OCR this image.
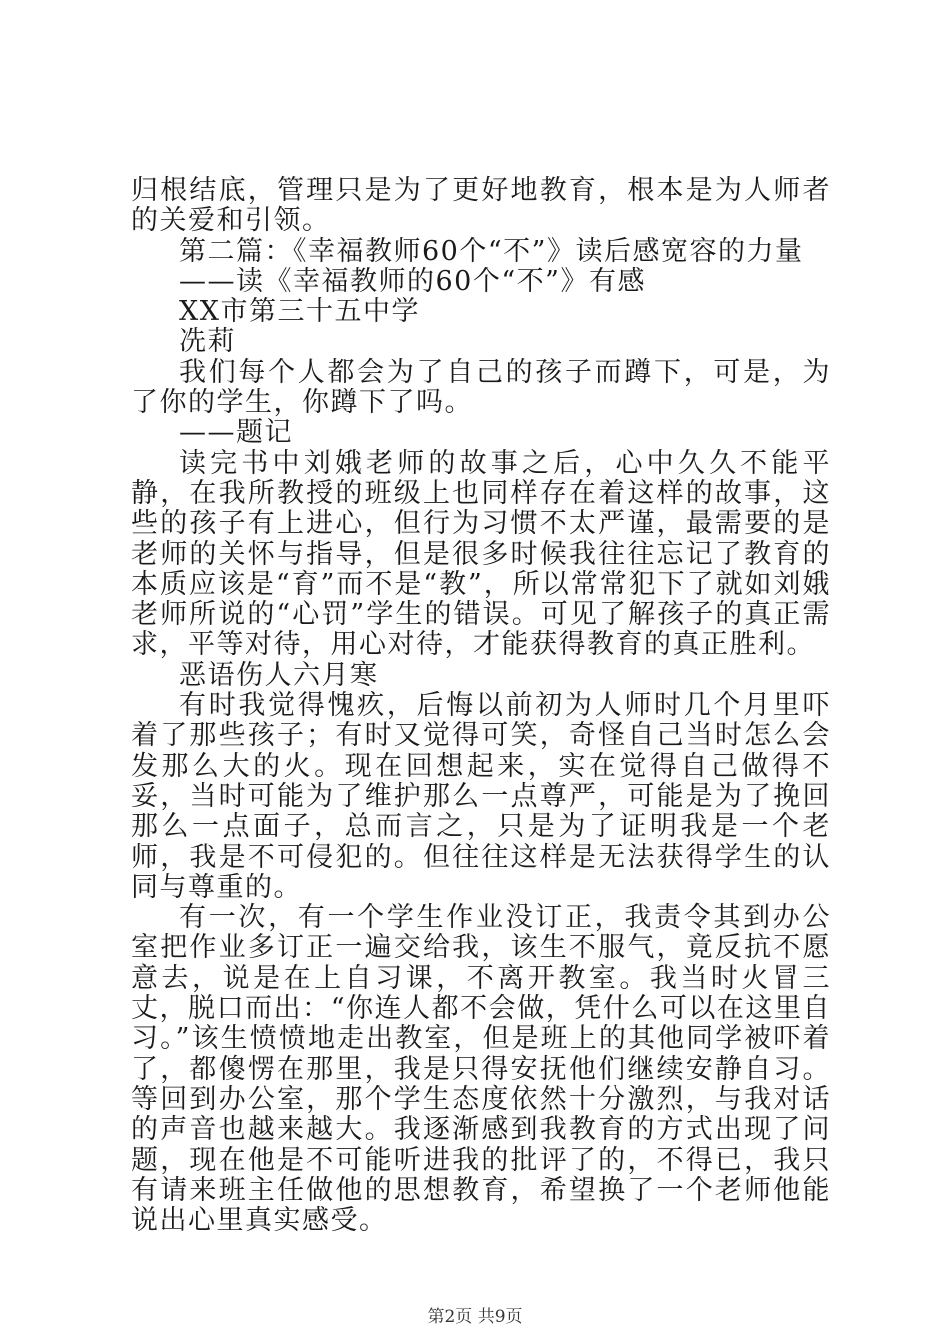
归根结底，管理只是为了更好地教育，根本是为人师者的关爱和引领。

第二篇：《幸福教师60个“不”》读后感宽容的力量

——读《幸福教师的60个“不”》有感

XX市第三十五中学

冼莉

我们每个人都会为了自己的孩子而蹲下，可是，为了你的学生，你蹲下了吗。

——题记

读完书中刘娥老师的故事之后，心中久久不能平静，在我所教授的班级上也同样存在着这样的故事，这些的孩子有上进心，但行为习惯不太严谨，最需要的是老师的关怀与指导，但是很多时候我往往忘记了教育的本质应该是“育”而不是“教”，所以常常犯下了就如刘娥老师所说的“心罚”学生的错误。可见了解孩子的真正需求，平等对待，用心对待，才能获得教育的真正胜利。

恶语伤人六月寒

有时我觉得愧疚，后悔以前初为人师时几个月里吓着了那些孩子；有时又觉得可笑，奇怪自己当时怎么会发那么大的火。现在回想起来，实在觉得自己做得不妥，当时可能为了维护那么一点尊严，可能是为了挽回那么一点面子，总而言之，只是为了证明我是一个老师，我是不可侵犯的。但往往这样是无法获得学生的认同与尊重的。

有一次，有一个学生作业没订正，我责令其到办公室把作业多订正一遍交给我，该生不服气，竟反抗不愿意去，说是在上自习课，不离开教室。我当时火冒三丈，脱口而出：“你连人都不会做，凭什么可以在这里自习。”该生愤愤地走出教室，但是班上的其他同学被吓着了，都傻愣在那里，我是只得安抚他们继续安静自习。等回到办公室，那个学生态度依然十分激烈，与我对话的声音也越来越大。我逐渐感到我教育的方式出现了问题，现在他是不可能听进我的批评了的，不得已，我只有请来班主任做他的思想教育，希望换了一个老师他能说出心里真实感受。

第2页 共9页
